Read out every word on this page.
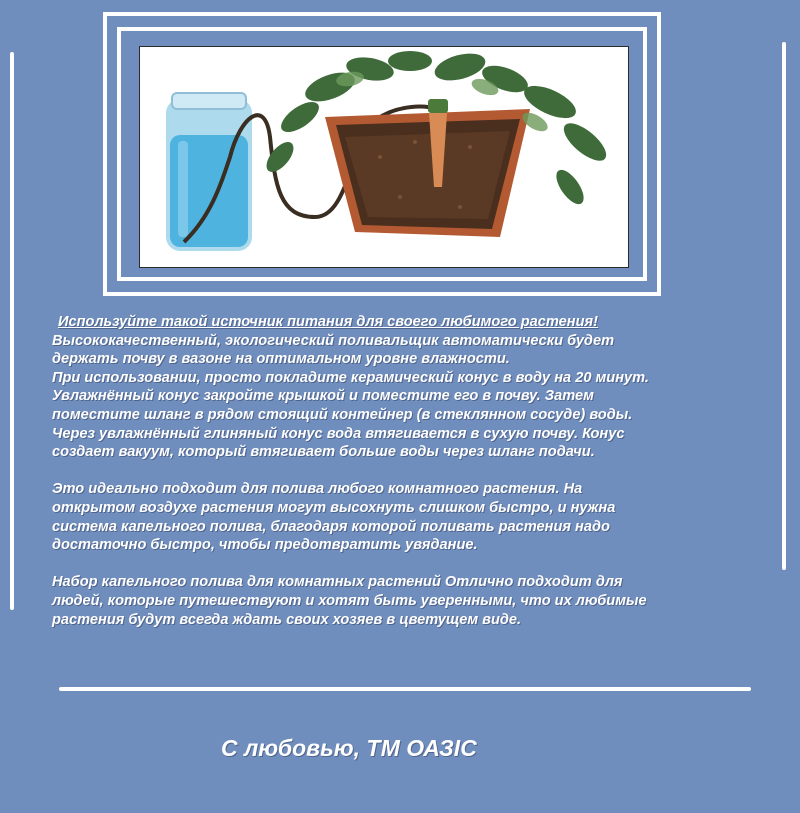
Используйте такой источник питания для своего любимого растения!

Высококачественный, экологический поливальщик автоматически будет

держать почву в вазоне на оптимальном уровне влажности.

При использовании, просто покладите керамический конус в воду на 20 минут.

Увлажнённый конус закройте крышкой и поместите его в почву. Затем

поместите шланг в рядом стоящий контейнер (в стеклянном сосуде) воды.

Через увлажнённый глиняный конус вода втягивается в сухую почву. Конус

создает вакуум, который втягивает больше воды через шланг подачи.

Это идеально подходит для полива любого комнатного растения. На

открытом воздухе растения могут высохнуть слишком быстро, и нужна

система капельного полива, благодаря которой поливать растения надо

достаточно быстро, чтобы предотвратить увядание.

Набор капельного полива для комнатных растений Отлично подходит для

людей, которые путешествуют и хотят быть уверенными, что их любимые

растения будут всегда ждать своих хозяев в цветущем виде.

С любовью, ТМ ОАЗІС
